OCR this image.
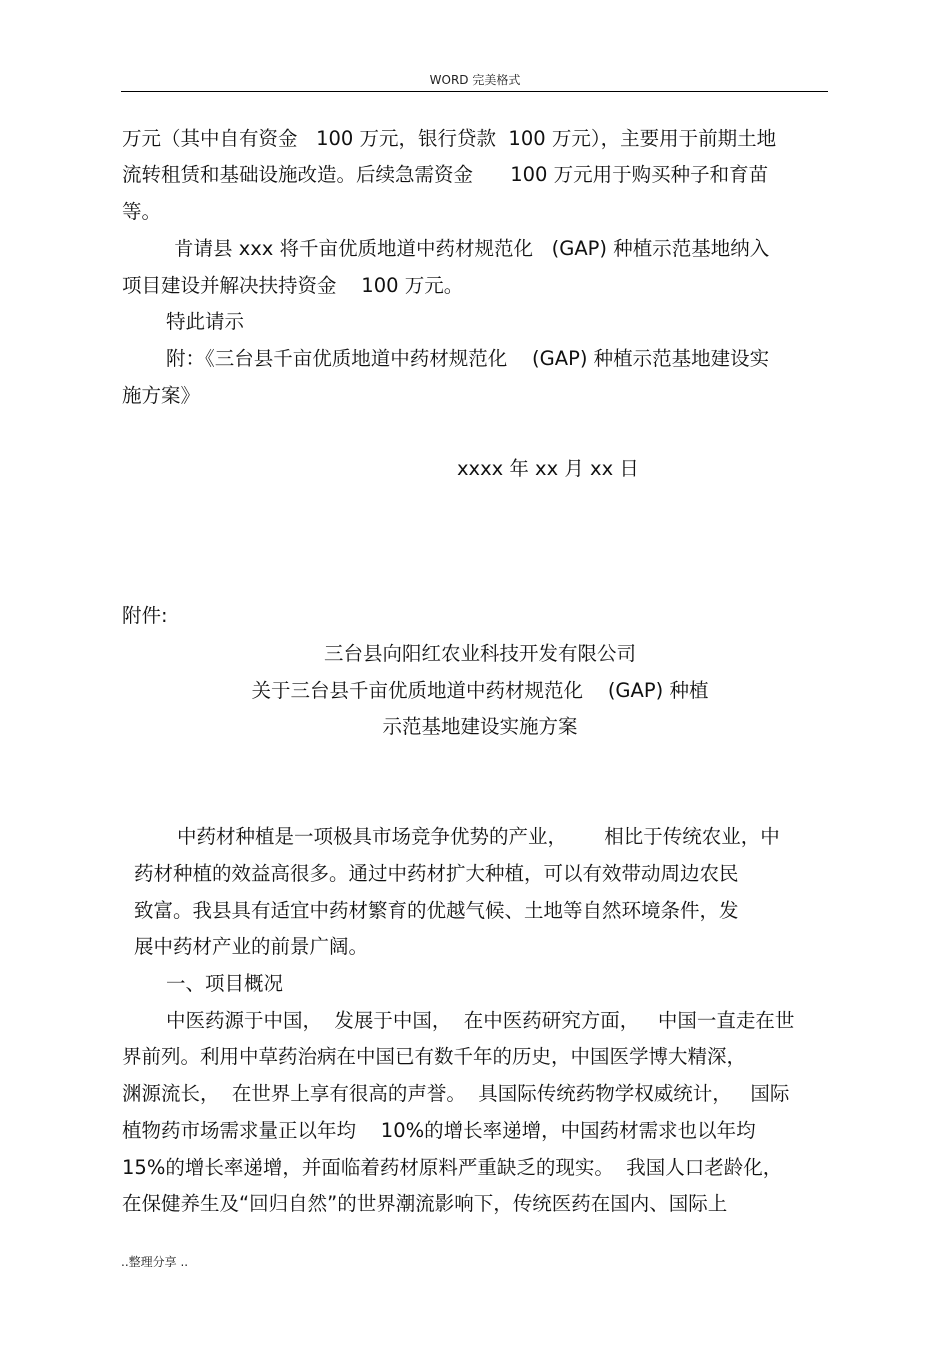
WORD 完美格式
万元（其中自有资金   100 万元，银行贷款  100 万元），主要用于前期土地
流转租赁和基础设施改造。后续急需资金      100 万元用于购买种子和育苗
等。
肯请县 xxx 将千亩优质地道中药材规范化   (GAP) 种植示范基地纳入
项目建设并解决扶持资金    100 万元。
特此请示
附：《三台县千亩优质地道中药材规范化    (GAP) 种植示范基地建设实
施方案》
xxxx 年 xx 月 xx 日
附件:
三台县向阳红农业科技开发有限公司
关于三台县千亩优质地道中药材规范化    (GAP) 种植
示范基地建设实施方案
中药材种植是一项极具市场竞争优势的产业，      相比于传统农业，中
药材种植的效益高很多。通过中药材扩大种植，可以有效带动周边农民
致富。我县具有适宜中药材繁育的优越气候、土地等自然环境条件，发
展中药材产业的前景广阔。
一、项目概况
中医药源于中国，  发展于中国，  在中医药研究方面，   中国一直走在世
界前列。利用中草药治病在中国已有数千年的历史，中国医学博大精深，
渊源流长，  在世界上享有很高的声誉。  具国际传统药物学权威统计，   国际
植物药市场需求量正以年均    10%的增长率递增，中国药材需求也以年均
15%的增长率递增，并面临着药材原料严重缺乏的现实。  我国人口老龄化，
在保健养生及“回归自然”的世界潮流影响下，传统医药在国内、国际上
..整理分享 ..
